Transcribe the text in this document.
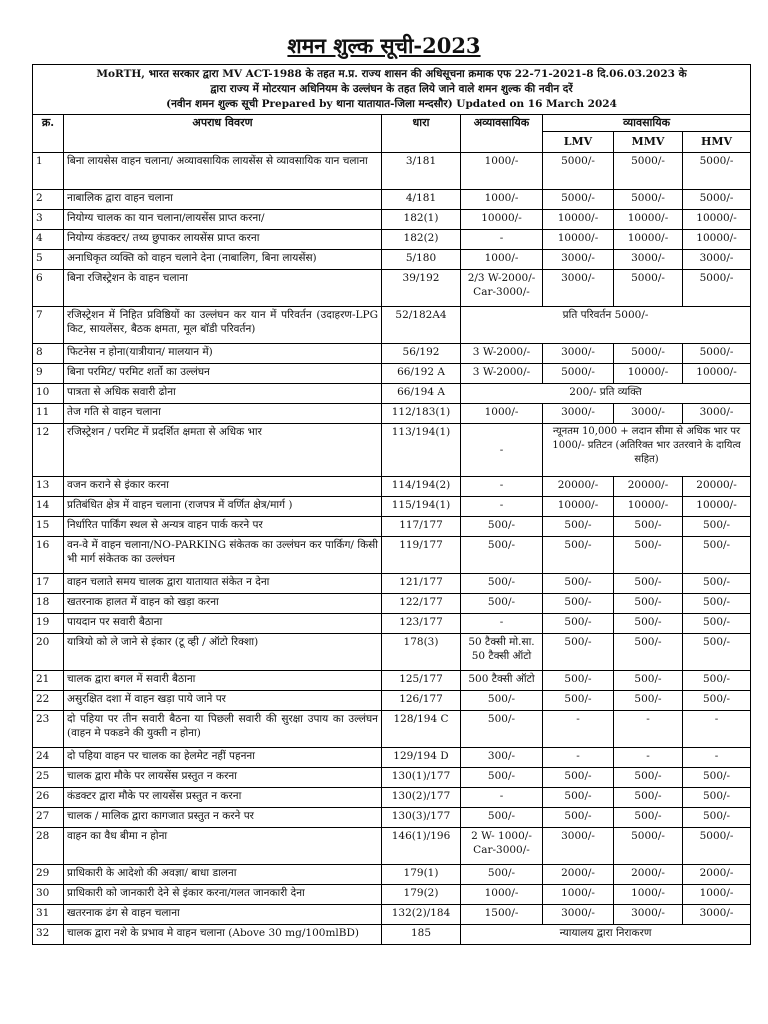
शमन शुल्क सूची-2023
MoRTH, भारत सरकार द्वारा MV ACT-1988 के तहत म.प्र. राज्य शासन की अधिसूचना क्रमाक एफ 22-71-2021-8 दि.06.03.2023 के
द्वारा राज्य में मोटरयान अधिनियम के उल्लंघन के तहत लिये जाने वाले शमन शुल्क की नवीन दरें
(नवीन शमन शुल्क सूची Prepared by थाना यातायात-जिला मन्दसौर) Updated on 16 March 2024						

क्र.	अपराध विवरण	धारा	अव्यावसायिक	व्यावसायिक		
				LMV	MMV	HMV
1	बिना लायसेस वाहन चलाना/ अव्यावसायिक लायसेंस से व्यावसायिक यान चलाना	3/181	1000/-	5000/-	5000/-	5000/-
2	नाबालिक द्वारा वाहन चलाना	4/181	1000/-	5000/-	5000/-	5000/-
3	नियोग्य चालक का यान चलाना/लायसेंस प्राप्त करना/	182(1)	10000/-	10000/-	10000/-	10000/-
4	नियोग्य कंडक्टर/ तथ्य छुपाकर लायसेंस प्राप्त करना	182(2)	-	10000/-	10000/-	10000/-
5	अनाधिकृत व्यक्ति को वाहन चलाने देना (नाबालिग, बिना लायसेंस)	5/180	1000/-	3000/-	3000/-	3000/-
6	बिना रजिस्ट्रेशन के वाहन चलाना	39/192	2/3 W-2000/- Car-3000/-	3000/-	5000/-	5000/-
7	रजिस्ट्रेशन में निहित प्रविष्ठियों का उल्लंघन कर यान में परिवर्तन (उदाहरण-LPG किट, सायलेंसर, बैठक क्षमता, मूल बॉडी परिवर्तन)	52/182A4	प्रति परिवर्तन 5000/-			
8	फिटनेस न होना(यात्रीयान/ मालयान में)	56/192	3 W-2000/-	3000/-	5000/-	5000/-
9	बिना परमिट/ परमिट शर्तो का उल्लंघन	66/192 A	3 W-2000/-	5000/-	10000/-	10000/-
10	पात्रता से अधिक सवारी ढोना	66/194 A	200/- प्रति व्यक्ति			
11	तेज गति से वाहन चलाना	112/183(1)	1000/-	3000/-	3000/-	3000/-
12	रजिस्ट्रेशन / परमिट में प्रदर्शित क्षमता से अधिक भार	113/194(1)	-	न्यूनतम 10,000 + लदान सीमा से अधिक भार पर 1000/- प्रतिटन (अतिरिक्त भार उतरवाने के दायित्व सहित)		
13	वजन कराने से इंकार करना	114/194(2)	-	20000/-	20000/-	20000/-
14	प्रतिबंधित क्षेत्र में वाहन चलाना (राजपत्र में वर्णित क्षेत्र/मार्ग )	115/194(1)	-	10000/-	10000/-	10000/-
15	निर्धारित पार्किंग स्थल से अन्यत्र वाहन पार्क करने पर	117/177	500/-	500/-	500/-	500/-
16	वन-वे में वाहन चलाना/NO-PARKING संकेतक का उल्लंघन कर पार्किग/ किसी भी मार्ग संकेतक का उल्लंघन	119/177	500/-	500/-	500/-	500/-
17	वाहन चलाते समय चालक द्वारा यातायात संकेत न देना	121/177	500/-	500/-	500/-	500/-
18	खतरनाक हालत में वाहन को खड़ा करना	122/177	500/-	500/-	500/-	500/-
19	पायदान पर सवारी बैठाना	123/177	-	500/-	500/-	500/-
20	यात्रियो को ले जाने से इंकार (टू व्ही / ऑटो रिक्शा)	178(3)	50 टैक्सी मो.सा. 50 टैक्सी ऑटो	500/-	500/-	500/-
21	चालक द्वारा बगल में सवारी बैठाना	125/177	500 टैक्सी ऑटो	500/-	500/-	500/-
22	असुरक्षित दशा में वाहन खड़ा पाये जाने पर	126/177	500/-	500/-	500/-	500/-
23	दो पहिया पर तीन सवारी बैठना या पिछली सवारी की सुरक्षा उपाय का उल्लंघन (वाहन मे पकडने की युक्ती न होना)	128/194 C	500/-	-	-	-
24	दो पहिया वाहन पर चालक का हेलमेट नहीं पहनना	129/194 D	300/-	-	-	-
25	चालक द्वारा मौके पर लायसेंस प्रस्तुत न करना	130(1)/177	500/-	500/-	500/-	500/-
26	कंडक्टर द्वारा मौके पर लायसेंस प्रस्तुत न करना	130(2)/177	-	500/-	500/-	500/-
27	चालक / मालिक द्वारा कागजात प्रस्तुत न करने पर	130(3)/177	500/-	500/-	500/-	500/-
28	वाहन का वैध बीमा न होना	146(1)/196	2 W- 1000/- Car-3000/-	3000/-	5000/-	5000/-
29	प्राधिकारी के आदेशो की अवज्ञा/ बाधा डालना	179(1)	500/-	2000/-	2000/-	2000/-
30	प्राधिकारी को जानकारी देने से इंकार करना/गलत जानकारी देना	179(2)	1000/-	1000/-	1000/-	1000/-
31	खतरनाक ढंग से वाहन चलाना	132(2)/184	1500/-	3000/-	3000/-	3000/-
32	चालक द्वारा नशे के प्रभाव मे वाहन चलाना (Above 30 mg/100mlBD)	185	न्यायालय द्वारा निराकरण			
